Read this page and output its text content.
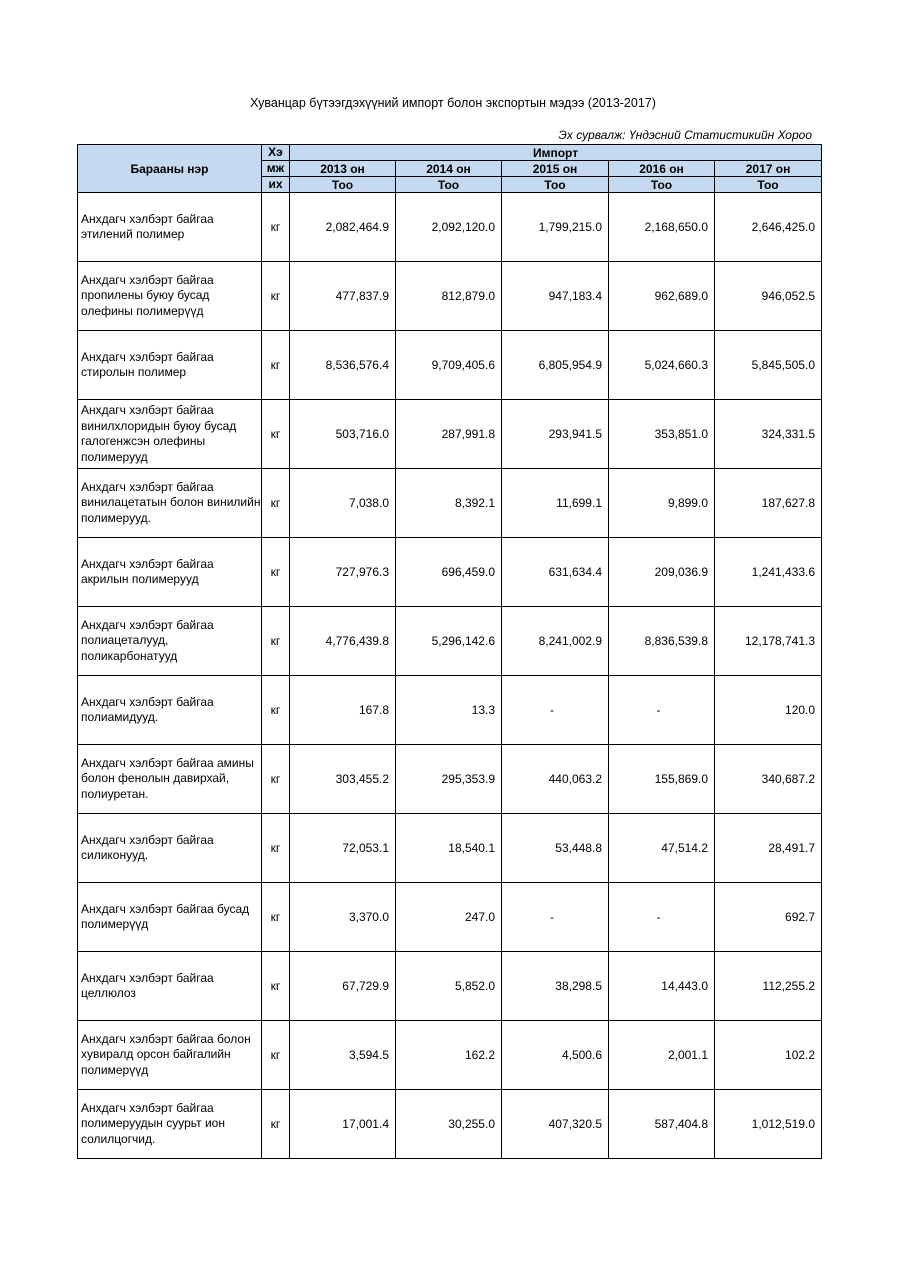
Хуванцар бүтээгдэхүүний импорт болон экспортын мэдээ (2013-2017)
Эх сурвалж: Үндэсний Статистикийн Хороо
Барааны нэр	Хэ	Импорт				
	мж	2013 он	2014 он	2015 он	2016 он	2017 он
	их	Тоо	Тоо	Тоо	Тоо	Тоо
Анхдагч хэлбэрт байгаа этилений полимер	кг	2,082,464.9	2,092,120.0	1,799,215.0	2,168,650.0	2,646,425.0
Анхдагч хэлбэрт байгаа пропилены буюу бусад олефины полимерүүд	кг	477,837.9	812,879.0	947,183.4	962,689.0	946,052.5
Анхдагч хэлбэрт байгаа стиролын полимер	кг	8,536,576.4	9,709,405.6	6,805,954.9	5,024,660.3	5,845,505.0
Анхдагч хэлбэрт байгаа винилхлоридын буюу бусад галогенжсэн олефины полимерууд	кг	503,716.0	287,991.8	293,941.5	353,851.0	324,331.5
Анхдагч хэлбэрт байгаа винилацетатын болон винилийн полимерууд.	кг	7,038.0	8,392.1	11,699.1	9,899.0	187,627.8
Анхдагч хэлбэрт байгаа акрилын полимерууд	кг	727,976.3	696,459.0	631,634.4	209,036.9	1,241,433.6
Анхдагч хэлбэрт байгаа полиацеталууд, поликарбонатууд	кг	4,776,439.8	5,296,142.6	8,241,002.9	8,836,539.8	12,178,741.3
Анхдагч хэлбэрт байгаа полиамидууд.	кг	167.8	13.3	-	-	120.0
Анхдагч хэлбэрт байгаа амины болон фенолын давирхай, полиуретан.	кг	303,455.2	295,353.9	440,063.2	155,869.0	340,687.2
Анхдагч хэлбэрт байгаа силиконууд.	кг	72,053.1	18,540.1	53,448.8	47,514.2	28,491.7
Анхдагч хэлбэрт байгаа бусад полимерүүд	кг	3,370.0	247.0	-	-	692.7
Анхдагч хэлбэрт байгаа целлюлоз	кг	67,729.9	5,852.0	38,298.5	14,443.0	112,255.2
Анхдагч хэлбэрт байгаа болон хувиралд орсон байгалийн полимерүүд	кг	3,594.5	162.2	4,500.6	2,001.1	102.2
Анхдагч хэлбэрт байгаа полимеруудын суурьт ион солилцогчид.	кг	17,001.4	30,255.0	407,320.5	587,404.8	1,012,519.0
